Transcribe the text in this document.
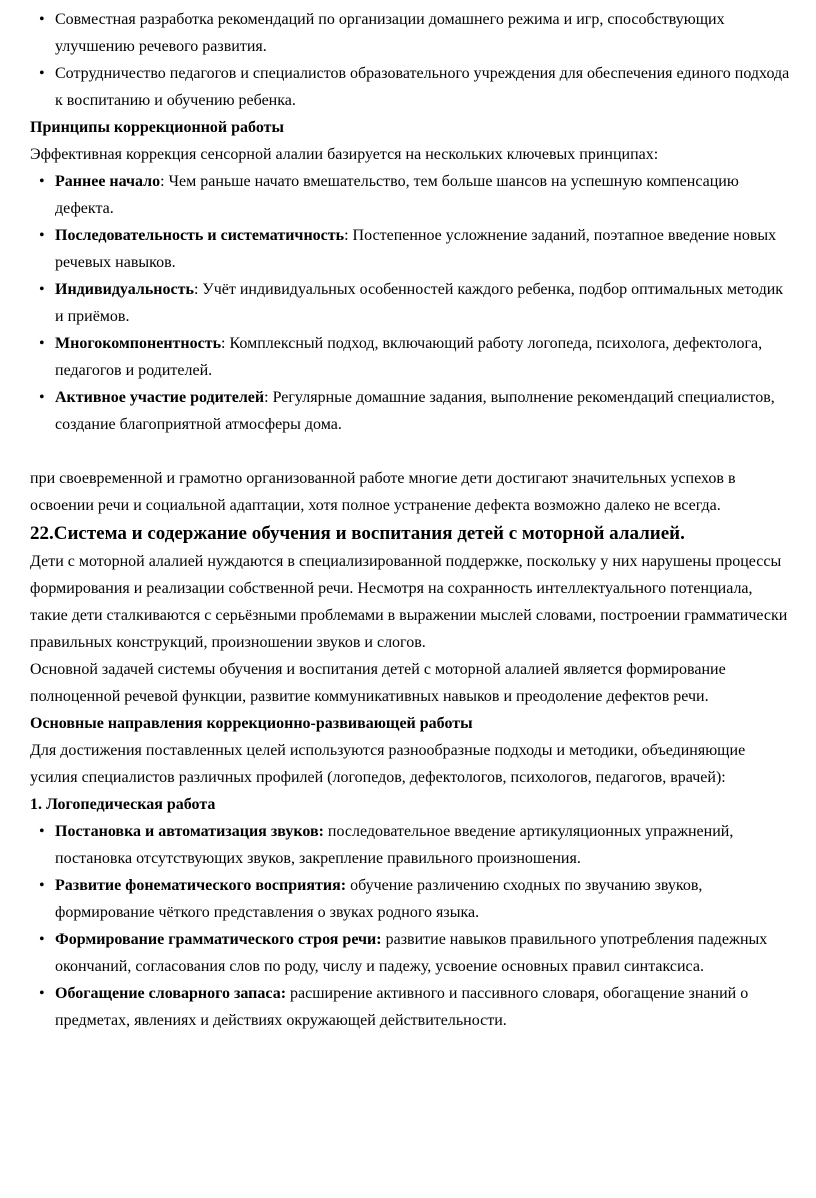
• Совместная разработка рекомендаций по организации домашнего режима и игр, способствующих улучшению речевого развития.
• Сотрудничество педагогов и специалистов образовательного учреждения для обеспечения единого подхода к воспитанию и обучению ребенка.

Принципы коррекционной работы

Эффективная коррекция сенсорной алалии базируется на нескольких ключевых принципах:

• Раннее начало: Чем раньше начато вмешательство, тем больше шансов на успешную компенсацию дефекта.
• Последовательность и систематичность: Постепенное усложнение заданий, поэтапное введение новых речевых навыков.
• Индивидуальность: Учёт индивидуальных особенностей каждого ребенка, подбор оптимальных методик и приёмов.
• Многокомпонентность: Комплексный подход, включающий работу логопеда, психолога, дефектолога, педагогов и родителей.
• Активное участие родителей: Регулярные домашние задания, выполнение рекомендаций специалистов, создание благоприятной атмосферы дома.

при своевременной и грамотно организованной работе многие дети достигают значительных успехов в освоении речи и социальной адаптации, хотя полное устранение дефекта возможно далеко не всегда.

22.Система и содержание обучения и воспитания детей с моторной алалией.

Дети с моторной алалией нуждаются в специализированной поддержке, поскольку у них нарушены процессы формирования и реализации собственной речи. Несмотря на сохранность интеллектуального потенциала, такие дети сталкиваются с серьёзными проблемами в выражении мыслей словами, построении грамматически правильных конструкций, произношении звуков и слогов.

Основной задачей системы обучения и воспитания детей с моторной алалией является формирование полноценной речевой функции, развитие коммуникативных навыков и преодоление дефектов речи.

Основные направления коррекционно-развивающей работы

Для достижения поставленных целей используются разнообразные подходы и методики, объединяющие усилия специалистов различных профилей (логопедов, дефектологов, психологов, педагогов, врачей):

1. Логопедическая работа

• Постановка и автоматизация звуков: последовательное введение артикуляционных упражнений, постановка отсутствующих звуков, закрепление правильного произношения.
• Развитие фонематического восприятия: обучение различению сходных по звучанию звуков, формирование чёткого представления о звуках родного языка.
• Формирование грамматического строя речи: развитие навыков правильного употребления падежных окончаний, согласования слов по роду, числу и падежу, усвоение основных правил синтаксиса.
• Обогащение словарного запаса: расширение активного и пассивного словаря, обогащение знаний о предметах, явлениях и действиях окружающей действительности.
